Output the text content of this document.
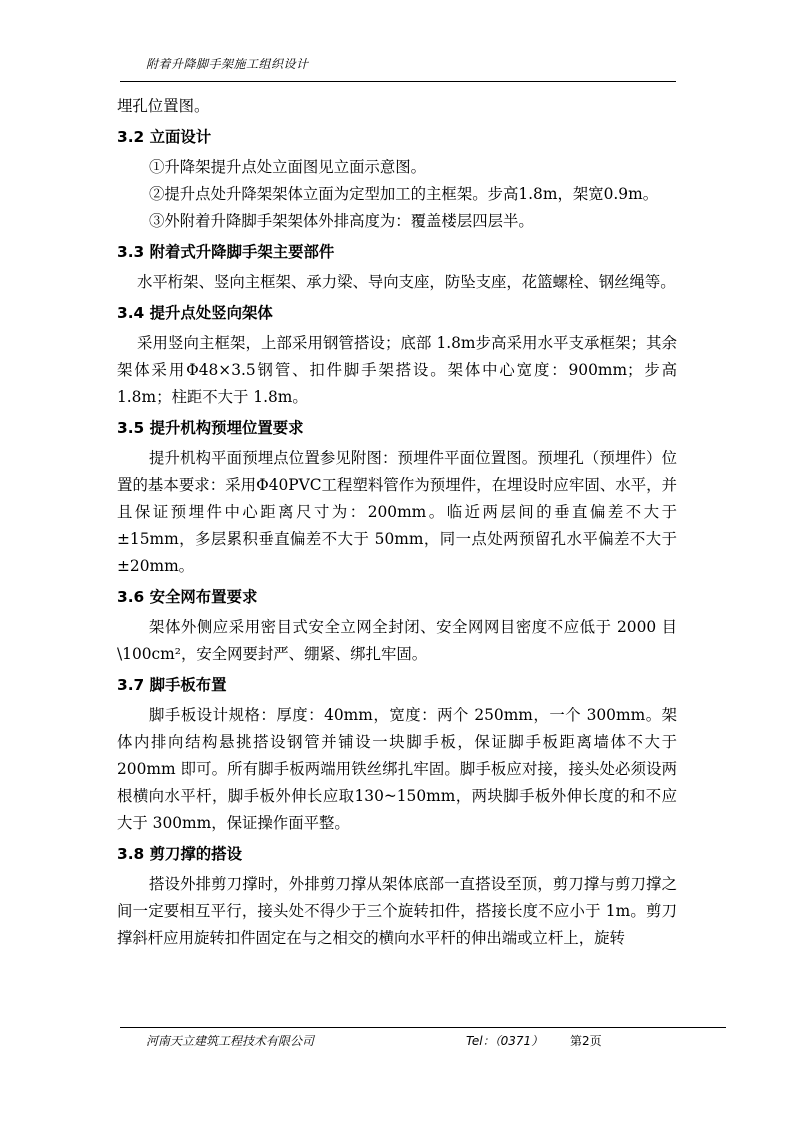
附着升降脚手架施工组织设计

埋孔位置图。

3.2 立面设计

①升降架提升点处立面图见立面示意图。

②提升点处升降架架体立面为定型加工的主框架。步高1.8m，架宽0.9m。

③外附着升降脚手架架体外排高度为：覆盖楼层四层半。

3.3 附着式升降脚手架主要部件

水平桁架、竖向主框架、承力梁、导向支座，防坠支座，花篮螺栓、钢丝绳等。

3.4 提升点处竖向架体

采用竖向主框架，上部采用钢管搭设；底部 1.8m步高采用水平支承框架；其余架体采用Φ48×3.5钢管、扣件脚手架搭设。架体中心宽度：900mm；步高1.8m；柱距不大于 1.8m。

3.5 提升机构预埋位置要求

提升机构平面预埋点位置参见附图：预埋件平面位置图。预埋孔（预埋件）位置的基本要求：采用Φ40PVC工程塑料管作为预埋件，在埋设时应牢固、水平，并且保证预埋件中心距离尺寸为：200mm。临近两层间的垂直偏差不大于±15mm，多层累积垂直偏差不大于 50mm，同一点处两预留孔水平偏差不大于±20mm。

3.6 安全网布置要求

架体外侧应采用密目式安全立网全封闭、安全网网目密度不应低于 2000 目\100cm²，安全网要封严、绷紧、绑扎牢固。

3.7 脚手板布置

脚手板设计规格：厚度：40mm，宽度：两个 250mm，一个 300mm。架体内排向结构悬挑搭设钢管并铺设一块脚手板，保证脚手板距离墙体不大于 200mm 即可。所有脚手板两端用铁丝绑扎牢固。脚手板应对接，接头处必须设两根横向水平杆，脚手板外伸长应取130~150mm，两块脚手板外伸长度的和不应大于 300mm，保证操作面平整。

3.8 剪刀撑的搭设

搭设外排剪刀撑时，外排剪刀撑从架体底部一直搭设至顶，剪刀撑与剪刀撑之间一定要相互平行，接头处不得少于三个旋转扣件，搭接长度不应小于 1m。剪刀撑斜杆应用旋转扣件固定在与之相交的横向水平杆的伸出端或立杆上，旋转

河南天立建筑工程技术有限公司	Tel：（0371） 第2页
